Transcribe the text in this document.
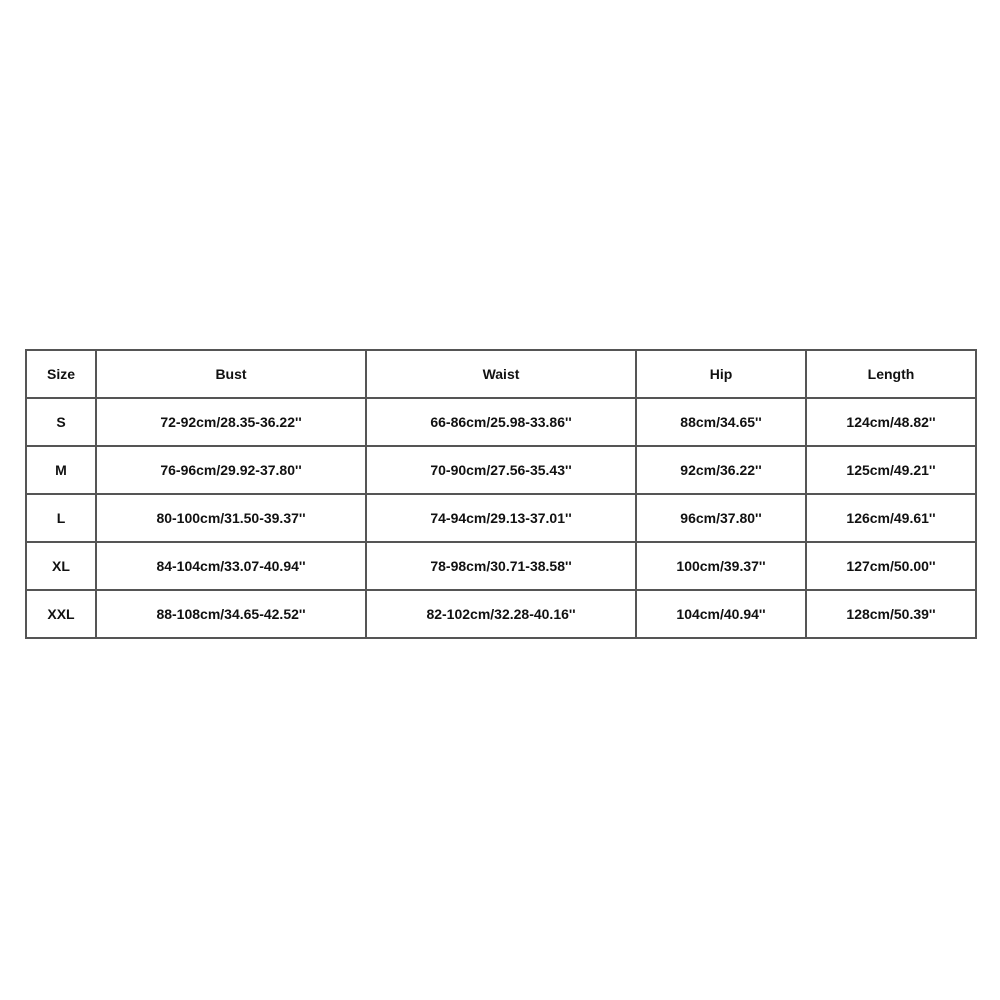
Size	Bust	Waist	Hip	Length
S	72-92cm/28.35-36.22''	66-86cm/25.98-33.86''	88cm/34.65''	124cm/48.82''
M	76-96cm/29.92-37.80''	70-90cm/27.56-35.43''	92cm/36.22''	125cm/49.21''
L	80-100cm/31.50-39.37''	74-94cm/29.13-37.01''	96cm/37.80''	126cm/49.61''
XL	84-104cm/33.07-40.94''	78-98cm/30.71-38.58''	100cm/39.37''	127cm/50.00''
XXL	88-108cm/34.65-42.52''	82-102cm/32.28-40.16''	104cm/40.94''	128cm/50.39''
